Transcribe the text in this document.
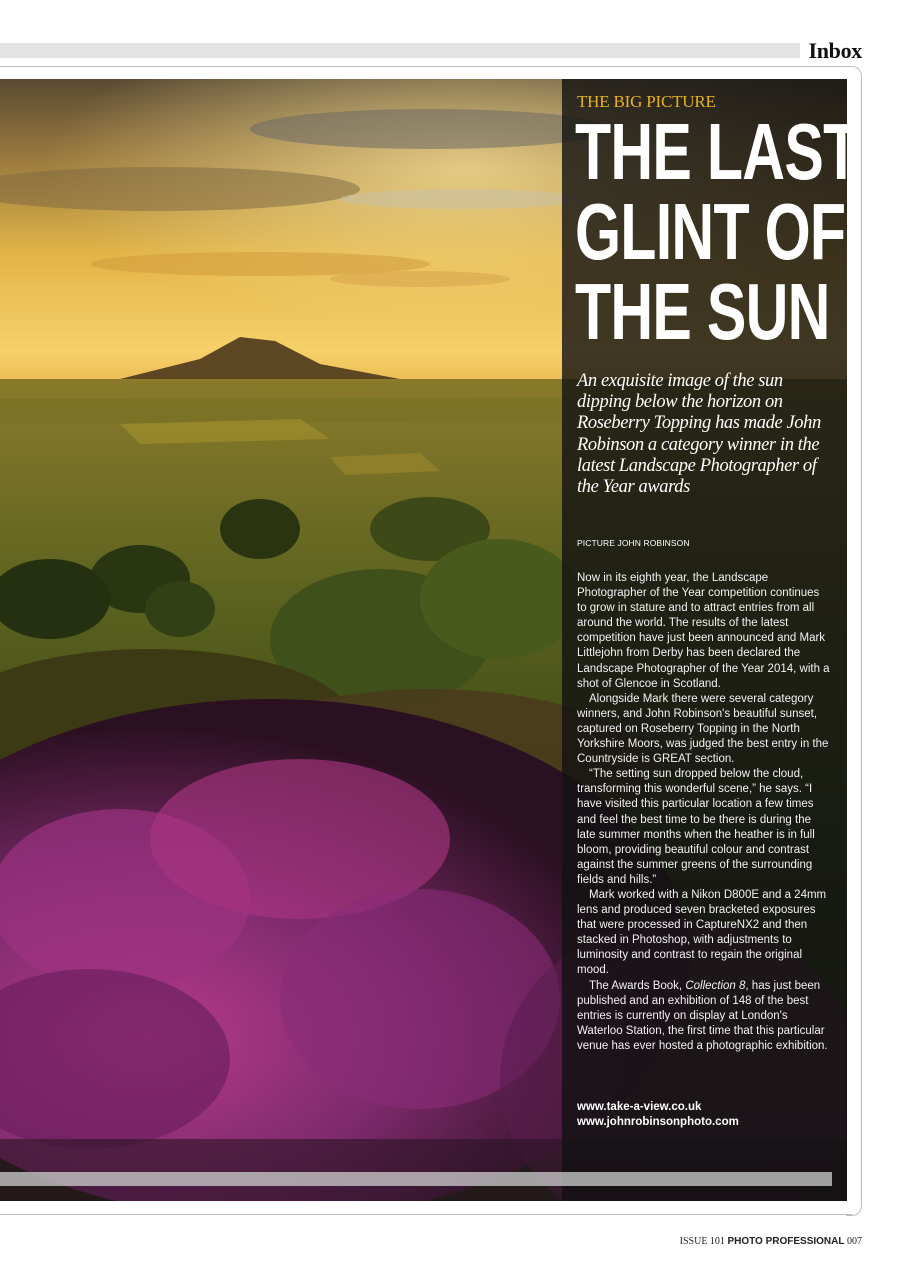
Inbox
THE BIG PICTURE
THE LAST
GLINT OF
THE SUN
An exquisite image of the sun dipping below the horizon on Roseberry Topping has made John Robinson a category winner in the latest Landscape Photographer of the Year awards
PICTURE JOHN ROBINSON

Now in its eighth year, the Landscape Photographer of the Year competition continues to grow in stature and to attract entries from all around the world. The results of the latest competition have just been announced and Mark Littlejohn from Derby has been declared the Landscape Photographer of the Year 2014, with a shot of Glencoe in Scotland.

Alongside Mark there were several category winners, and John Robinson's beautiful sunset, captured on Roseberry Topping in the North Yorkshire Moors, was judged the best entry in the Countryside is GREAT section.

“The setting sun dropped below the cloud, transforming this wonderful scene,” he says. “I have visited this particular location a few times and feel the best time to be there is during the late summer months when the heather is in full bloom, providing beautiful colour and contrast against the summer greens of the surrounding fields and hills.”

Mark worked with a Nikon D800E and a 24mm lens and produced seven bracketed exposures that were processed in CaptureNX2 and then stacked in Photoshop, with adjustments to luminosity and contrast to regain the original mood.

The Awards Book, Collection 8, has just been published and an exhibition of 148 of the best entries is currently on display at London's Waterloo Station, the first time that this particular venue has ever hosted a photographic exhibition.

www.take-a-view.co.uk
www.johnrobinsonphoto.com
ISSUE 101 PHOTO PROFESSIONAL 007
